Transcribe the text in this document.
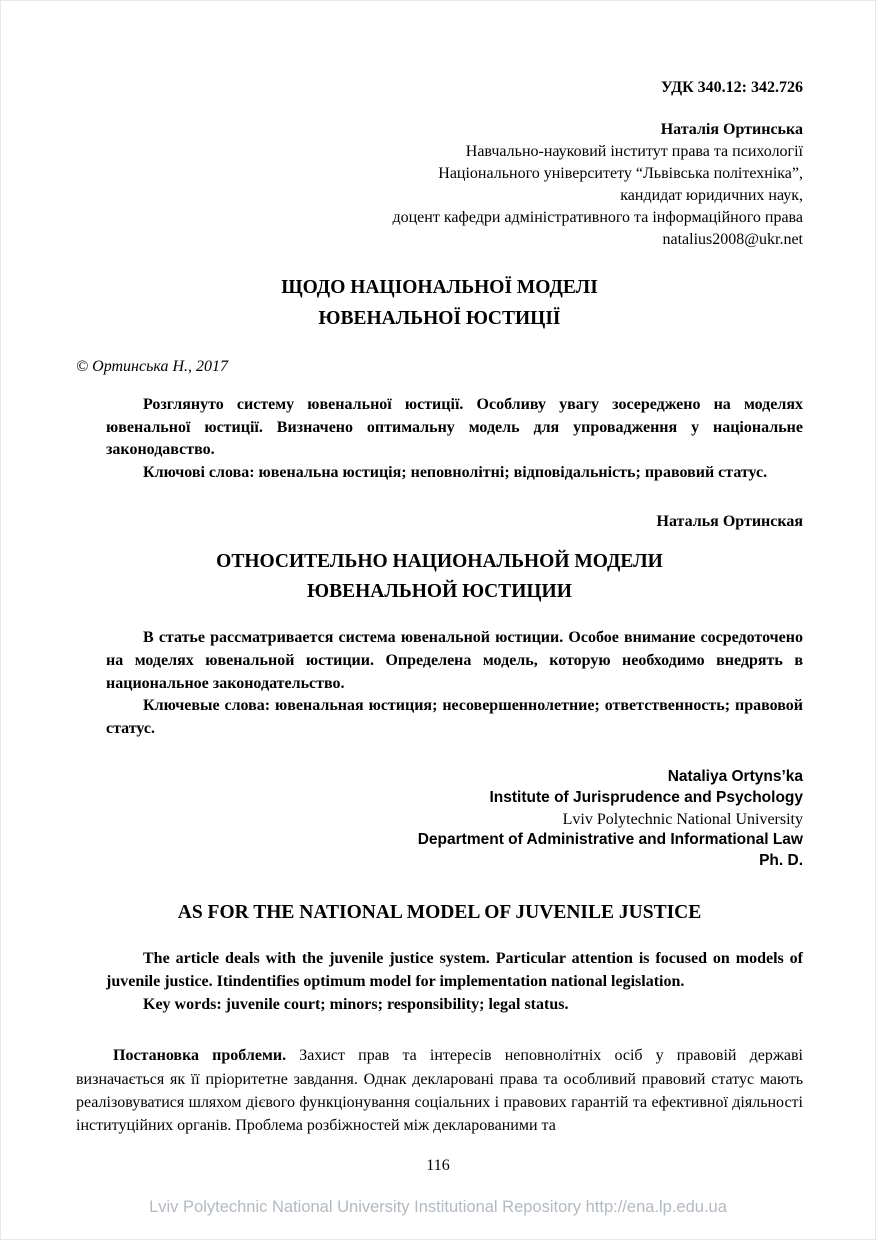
УДК 340.12: 342.726
Наталія Ортинська
Навчально-науковий інститут права та психології
Національного університету “Львівська політехніка”,
кандидат юридичних наук,
доцент кафедри адміністративного та інформаційного права
natalius2008@ukr.net
ЩОДО НАЦІОНАЛЬНОЇ МОДЕЛІ
ЮВЕНАЛЬНОЇ ЮСТИЦІЇ
© Ортинська Н., 2017

Розглянуто систему ювенальної юстиції. Особливу увагу зосереджено на моделях ювенальної юстиції. Визначено оптимальну модель для упровадження у національне законодавство.

Ключові слова: ювенальна юстиція; неповнолітні; відповідальність; правовий статус.

Наталья Ортинская
ОТНОСИТЕЛЬНО НАЦИОНАЛЬНОЙ МОДЕЛИ
ЮВЕНАЛЬНОЙ ЮСТИЦИИ

В статье рассматривается система ювенальной юстиции. Особое внимание сосредоточено на моделях ювенальной юстиции. Определена модель, которую необходимо внедрять в национальное законодательство.

Ключевые слова: ювенальная юстиция; несовершеннолетние; ответственность; правовой статус.

Nataliya Ortyns’ka
Institute of Jurisprudence and Psychology
Lviv Polytechnic National University
Department of Administrative and Informational Law
Ph. D.
AS FOR THE NATIONAL MODEL OF JUVENILE JUSTICE

The article deals with the juvenile justice system. Particular attention is focused on models of juvenile justice. Itindentifies optimum model for implementation national legislation.

Key words: juvenile court; minors; responsibility; legal status.

Постановка проблеми. Захист прав та інтересів неповнолітніх осіб у правовій державі визначається як її пріоритетне завдання. Однак декларовані права та особливий правовий статус мають реалізовуватися шляхом дієвого функціонування соціальних і правових гарантій та ефективної діяльності інституційних органів. Проблема розбіжностей між декларованими та

116
Lviv Polytechnic National University Institutional Repository http://ena.lp.edu.ua
